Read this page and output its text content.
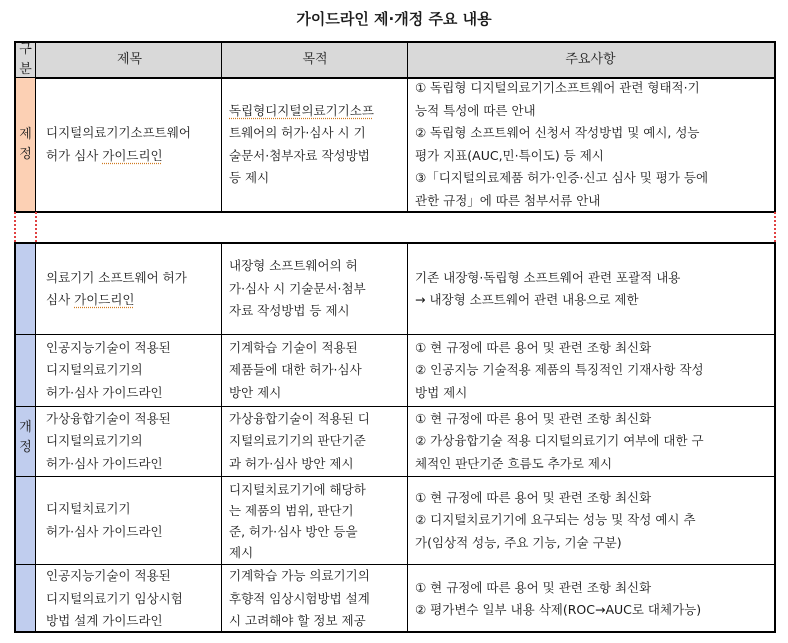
가이드라인 제·개정 주요 내용
구
분
제목	목적	주요사항
제
정
디지털의료기기소프트웨어
허가 심사 가이드리인
독립형디지털의료기기소프
트웨어의 허가·심사 시 기
술문서·첨부자료 작성방법
등 제시
① 독립형 디지털의료기기소프트웨어 관련 형태적·기
능적 특성에 따른 안내
② 독립형 소프트웨어 신청서 작성방법 및 예시, 성능
평가 지표(AUC,민·특이도) 등 제시
③「디지털의료제품 허가·인증·신고 심사 및 평가 등에
관한 규정」에 따른 첨부서류 안내
개
정
의료기기 소프트웨어 허가
심사 가이드리인
내장형 소프트웨어의 허
가·심사 시 기술문서·첨부
자료 작성방법 등 제시
기존 내장형·독립형 소프트웨어 관련 포괄적 내용
→ 내장형 소프트웨어 관련 내용으로 제한
인공지능기술이 적용된
디지털의료기기의
허가·심사 가이드라인
기계학습 기술이 적용된
제품들에 대한 허가·심사
방안 제시
① 현 규정에 따른 용어 및 관련 조항 최신화
② 인공지능 기술적용 제품의 특징적인 기재사항 작성
방법 제시
가상융합기술이 적용된
디지털의료기기의
허가·심사 가이드라인
가상융합기술이 적용된 디
지털의료기기의 판단기준
과 허가·심사 방안 제시
① 현 규정에 따른 용어 및 관련 조항 최신화
② 가상융합기술 적용 디지털의료기기 여부에 대한 구
체적인 판단기준 흐름도 추가로 제시
디지털치료기기
허가·심사 가이드라인
디지털치료기기에 해당하
는 제품의 범위, 판단기
준, 허가·심사 방안 등을
제시
① 현 규정에 따른 용어 및 관련 조항 최신화
② 디지털치료기기에 요구되는 성능 및 작성 예시 추
가(임상적 성능, 주요 기능, 기술 구분)
인공지능기술이 적용된
디지털의료기기 임상시험
방법 설계 가이드라인
기계학습 가능 의료기기의
후향적 임상시험방법 설계
시 고려해야 할 정보 제공
① 현 규정에 따른 용어 및 관련 조항 최신화
② 평가변수 일부 내용 삭제(ROC→AUC로 대체가능)
